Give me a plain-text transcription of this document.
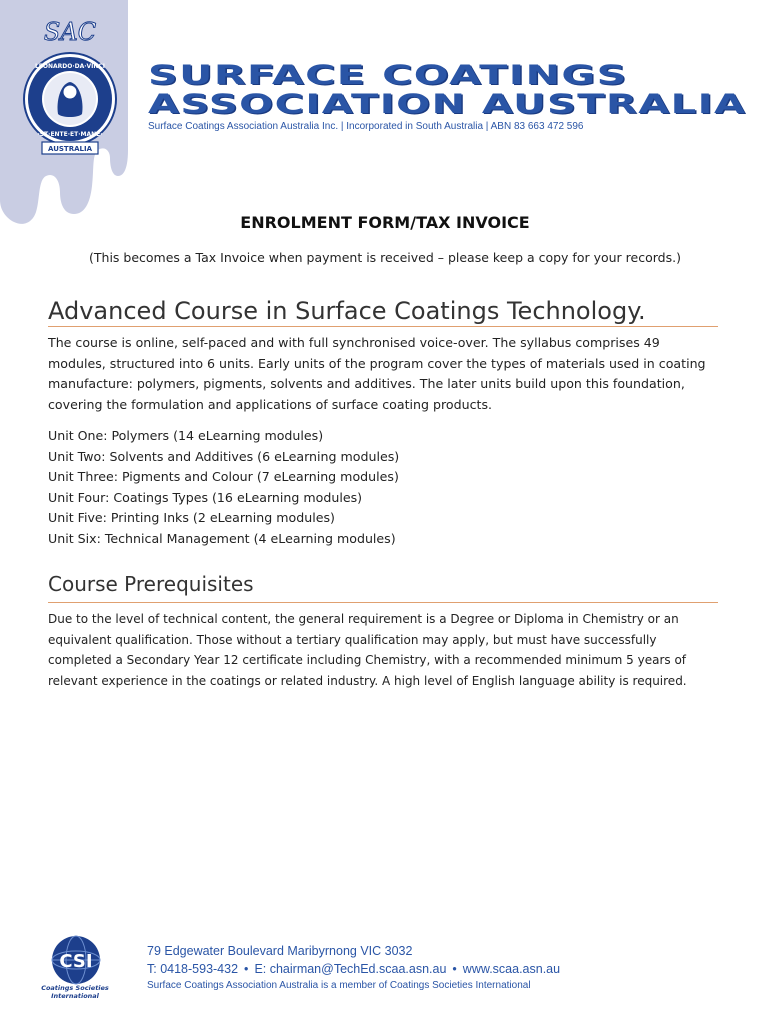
SAC
LEONARDO·DA·VINCI
·ST·ENTE·ET·MANE·
AUSTRALIA
SURFACE COATINGS
ASSOCIATION AUSTRALIA
Surface Coatings Association Australia Inc. | Incorporated in South Australia | ABN 83 663 472 596
ENROLMENT FORM/TAX INVOICE
(This becomes a Tax Invoice when payment is received – please keep a copy for your records.)
Advanced Course in Surface Coatings Technology.
The course is online, self-paced and with full synchronised voice-over. The syllabus comprises 49 modules, structured into 6 units. Early units of the program cover the types of materials used in coating manufacture: polymers, pigments, solvents and additives. The later units build upon this foundation, covering the formulation and applications of surface coating products.
Unit One: Polymers (14 eLearning modules)
Unit Two: Solvents and Additives (6 eLearning modules)
Unit Three: Pigments and Colour (7 eLearning modules)
Unit Four: Coatings Types (16 eLearning modules)
Unit Five: Printing Inks (2 eLearning modules)
Unit Six: Technical Management (4 eLearning modules)
Course Prerequisites
Due to the level of technical content, the general requirement is a Degree or Diploma in Chemistry or an equivalent qualification. Those without a tertiary qualification may apply, but must have successfully completed a Secondary Year 12 certificate including Chemistry, with a recommended minimum 5 years of relevant experience in the coatings or related industry. A high level of English language ability is required.
CSI
Coatings Societies International
79 Edgewater Boulevard Maribyrnong VIC 3032
T: 0418-593-432 • E: chairman@TechEd.scaa.asn.au • www.scaa.asn.au
Surface Coatings Association Australia is a member of Coatings Societies International
